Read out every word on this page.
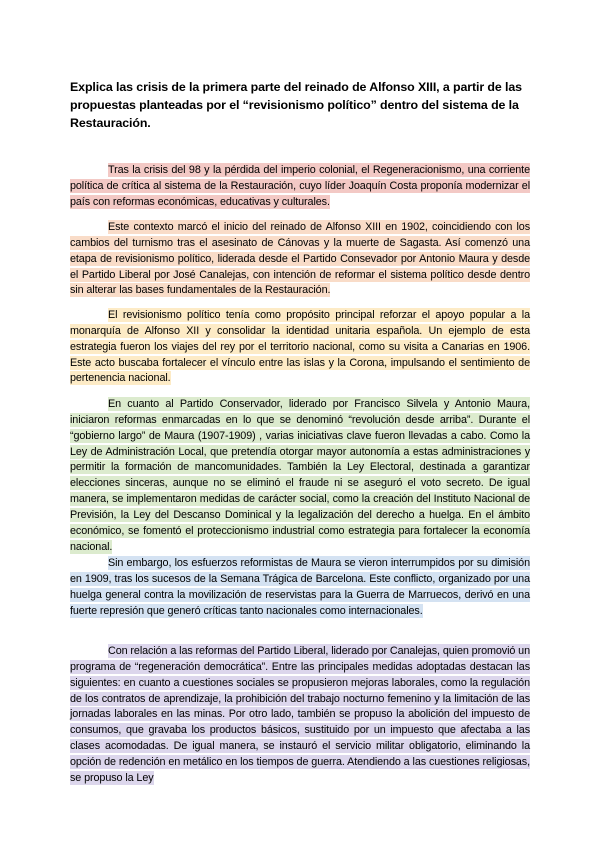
Explica las crisis de la primera parte del reinado de Alfonso XIII, a partir de las propuestas planteadas por el “revisionismo político” dentro del sistema de la Restauración.

Tras la crisis del 98 y la pérdida del imperio colonial, el Regeneracionismo, una corriente política de crítica al sistema de la Restauración, cuyo líder Joaquín Costa proponía modernizar el país con reformas económicas, educativas y culturales.

Este contexto marcó el inicio del reinado de Alfonso XIII en 1902, coincidiendo con los cambios del turnismo tras el asesinato de Cánovas y la muerte de Sagasta. Así comenzó una etapa de revisionismo político, liderada desde el Partido Consevador por Antonio Maura y desde el Partido Liberal por José Canalejas, con intención de reformar el sistema político desde dentro sin alterar las bases fundamentales de la Restauración.

El revisionismo político tenía como propósito principal reforzar el apoyo popular a la monarquía de Alfonso XII y consolidar la identidad unitaria española. Un ejemplo de esta estrategia fueron los viajes del rey por el territorio nacional, como su visita a Canarias en 1906. Este acto buscaba fortalecer el vínculo entre las islas y la Corona, impulsando el sentimiento de pertenencia nacional.

En cuanto al Partido Conservador, liderado por Francisco Silvela y Antonio Maura, iniciaron reformas enmarcadas en lo que se denominó “revolución desde arriba”. Durante el “gobierno largo” de Maura (1907-1909) , varias iniciativas clave fueron llevadas a cabo. Como la Ley de Administración Local, que pretendía otorgar mayor autonomía a estas administraciones y permitir la formación de mancomunidades. También la Ley Electoral, destinada a garantizar elecciones sinceras, aunque no se eliminó el fraude ni se aseguró el voto secreto. De igual manera, se implementaron medidas de carácter social, como la creación del Instituto Nacional de Previsión, la Ley del Descanso Dominical y la legalización del derecho a huelga. En el ámbito económico, se fomentó el proteccionismo industrial como estrategia para fortalecer la economía nacional.

Sin embargo, los esfuerzos reformistas de Maura se vieron interrumpidos por su dimisión en 1909, tras los sucesos de la Semana Trágica de Barcelona. Este conflicto, organizado por una huelga general contra la movilización de reservistas para la Guerra de Marruecos, derivó en una fuerte represión que generó críticas tanto nacionales como internacionales.

Con relación a las reformas del Partido Liberal, liderado por Canalejas, quien promovió un programa de “regeneración democrática”. Entre las principales medidas adoptadas destacan las siguientes: en cuanto a cuestiones sociales se propusieron mejoras laborales, como la regulación de los contratos de aprendizaje, la prohibición del trabajo nocturno femenino y la limitación de las jornadas laborales en las minas. Por otro lado, también se propuso la abolición del impuesto de consumos, que gravaba los productos básicos, sustituido por un impuesto que afectaba a las clases acomodadas. De igual manera, se instauró el servicio militar obligatorio, eliminando la opción de redención en metálico en los tiempos de guerra. Atendiendo a las cuestiones religiosas, se propuso la Ley
